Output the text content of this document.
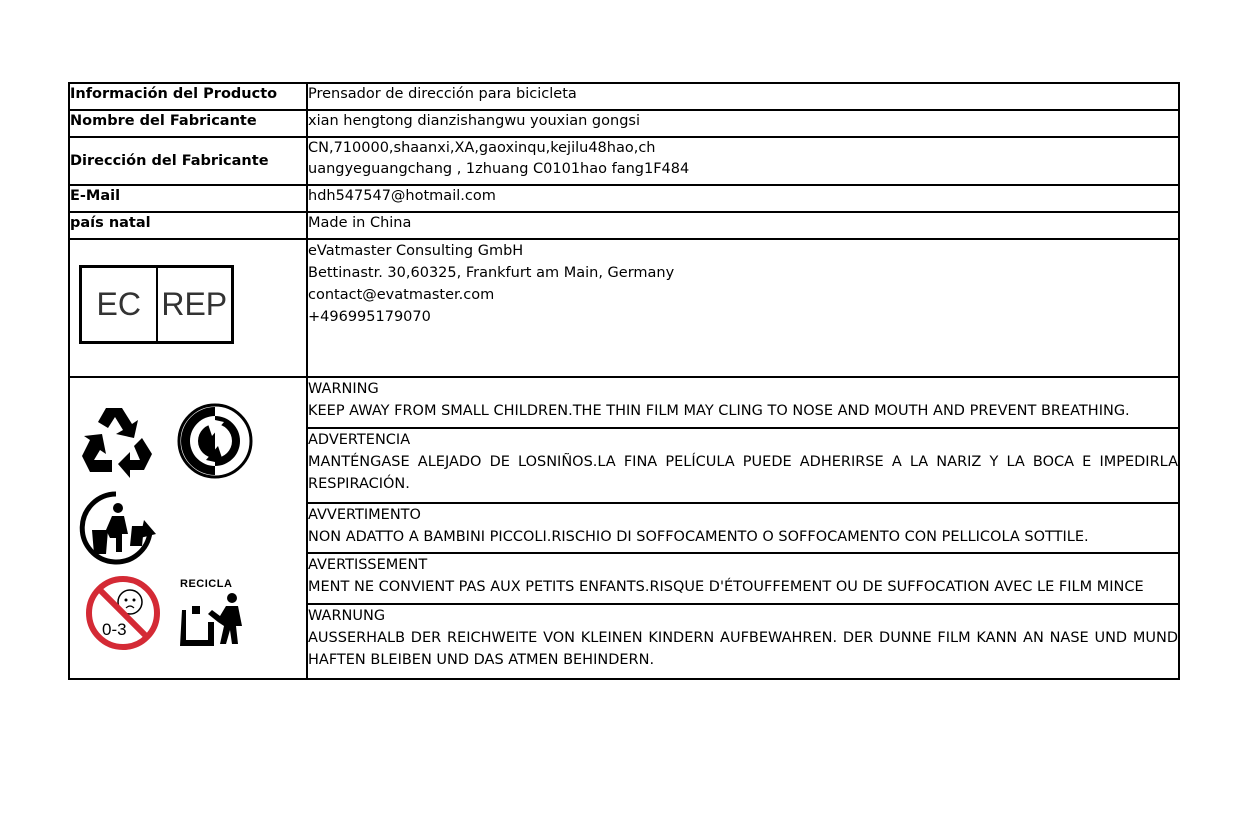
Información del Producto	Prensador de dirección para bicicleta
Nombre del Fabricante	xian hengtong dianzishangwu youxian gongsi
Dirección del Fabricante	CN,710000,shaanxi,XA,gaoxinqu,kejilu48hao,ch
uangyeguangchang , 1zhuang C0101hao fang1F484

E-Mail	hdh547547@hotmail.com
país natal	Made in China

EC REP	eVatmaster Consulting GmbH
Bettinastr. 30,60325, Frankfurt am Main, Germany
contact@evatmaster.com
+496995179070

0-3
RECICLA	WARNING
KEEP AWAY FROM SMALL CHILDREN.THE THIN FILM MAY CLING TO NOSE AND MOUTH AND PREVENT BREATHING.

	ADVERTENCIA
MANTÉNGASE ALEJADO DE LOSNIÑOS.LA FINA PELÍCULA PUEDE ADHERIRSE A LA NARIZ Y LA BOCA E IMPEDIRLA RESPIRACIÓN.

	AVVERTIMENTO
NON ADATTO A BAMBINI PICCOLI.RISCHIO DI SOFFOCAMENTO O SOFFOCAMENTO CON PELLICOLA SOTTILE.

	AVERTISSEMENT
MENT NE CONVIENT PAS AUX PETITS ENFANTS.RISQUE D'ÉTOUFFEMENT OU DE SUFFOCATION AVEC LE FILM MINCE

	WARNUNG
AUSSERHALB DER REICHWEITE VON KLEINEN KINDERN AUFBEWAHREN. DER DUNNE FILM KANN AN NASE UND MUND HAFTEN BLEIBEN UND DAS ATMEN BEHINDERN.
